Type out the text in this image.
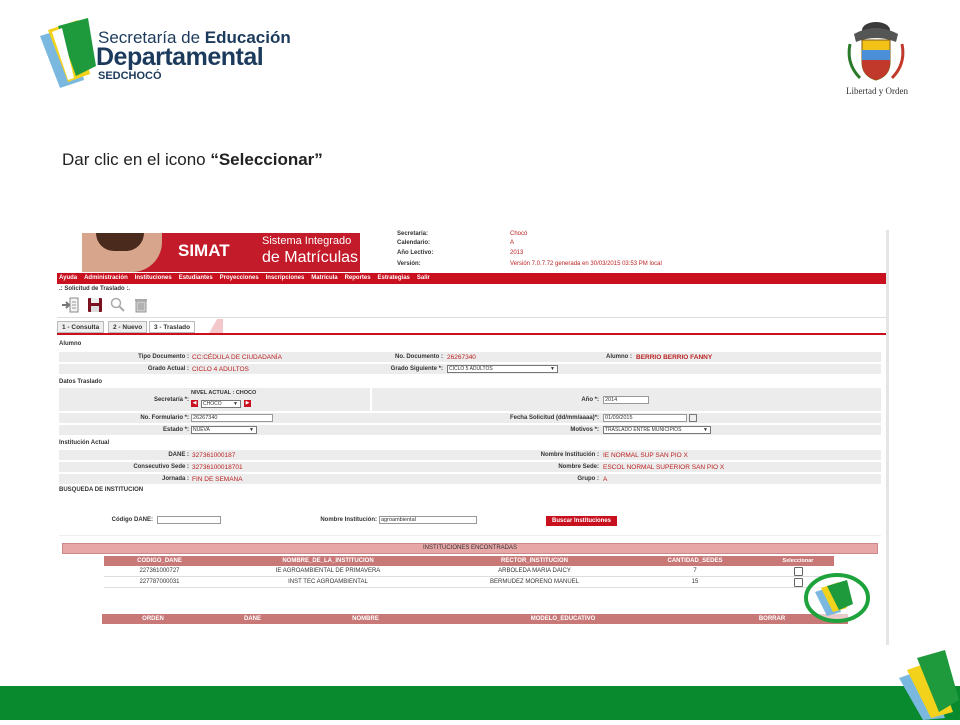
Secretaría de Educación
Departamental
SEDCHOCÓ
Libertad y Orden
Dar clic en el icono “Seleccionar”
SIMAT	Sistema Integrado
de Matrículas
Secretaría:	Chocó
Calendario:	A
Año Lectivo:	2013
Versión:	Versión 7.0.7.72 generada en 30/03/2015 03:53 PM local
Ayuda Administración Instituciones Estudiantes Proyecciones Inscripciones Matrícula Reportes Estrategias Salir
.: Solicitud de Traslado :.
1 - Consulta	2 - Nuevo	3 - Traslado
Alumno
Tipo Documento : CC:CÉDULA DE CIUDADANÍA	No. Documento : 26267340	Alumno : BERRIO BERRIO FANNY
Grado Actual : CICLO 4 ADULTOS	Grado Siguiente *:	CICLO 5 ADULTOS	▼
Datos Traslado
NIVEL ACTUAL : CHOCO
Secretaría *: ◀	CHOCO ▼	▶	Año *:	2014
No. Formulario *: 26267340	Fecha Solicitud (dd/mm/aaaa)*:	01/09/2015
Estado *: NUEVA	▼	Motivos *:	TRASLADO ENTRE MUNICIPIOS	▼
Institución Actual
DANE : 327361000187	Nombre Institución : IE NORMAL SUP SAN PIO X
Consecutivo Sede : 32736100018701	Nombre Sede: ESCOL NORMAL SUPERIOR SAN PIO X
Jornada : FIN DE SEMANA	Grupo : A
BUSQUEDA DE INSTITUCION
Código DANE:	Nombre Institución: agroambiental	Buscar Instituciones
INSTITUCIONES ENCONTRADAS
CODIGO_DANE	NOMBRE_DE_LA_INSTITUCION	RECTOR_INSTITUCION	CANTIDAD_SEDES	Seleccionar
227361000727	IE AGROAMBIENTAL DE PRIMAVERA	ARBOLEDA MARIA DAICY	7	
227787000031	INST TEC AGROAMBIENTAL	BERMUDEZ MORENO MANUEL	15	
ORDEN	DANE	NOMBRE	MODELO_EDUCATIVO	BORRAR
